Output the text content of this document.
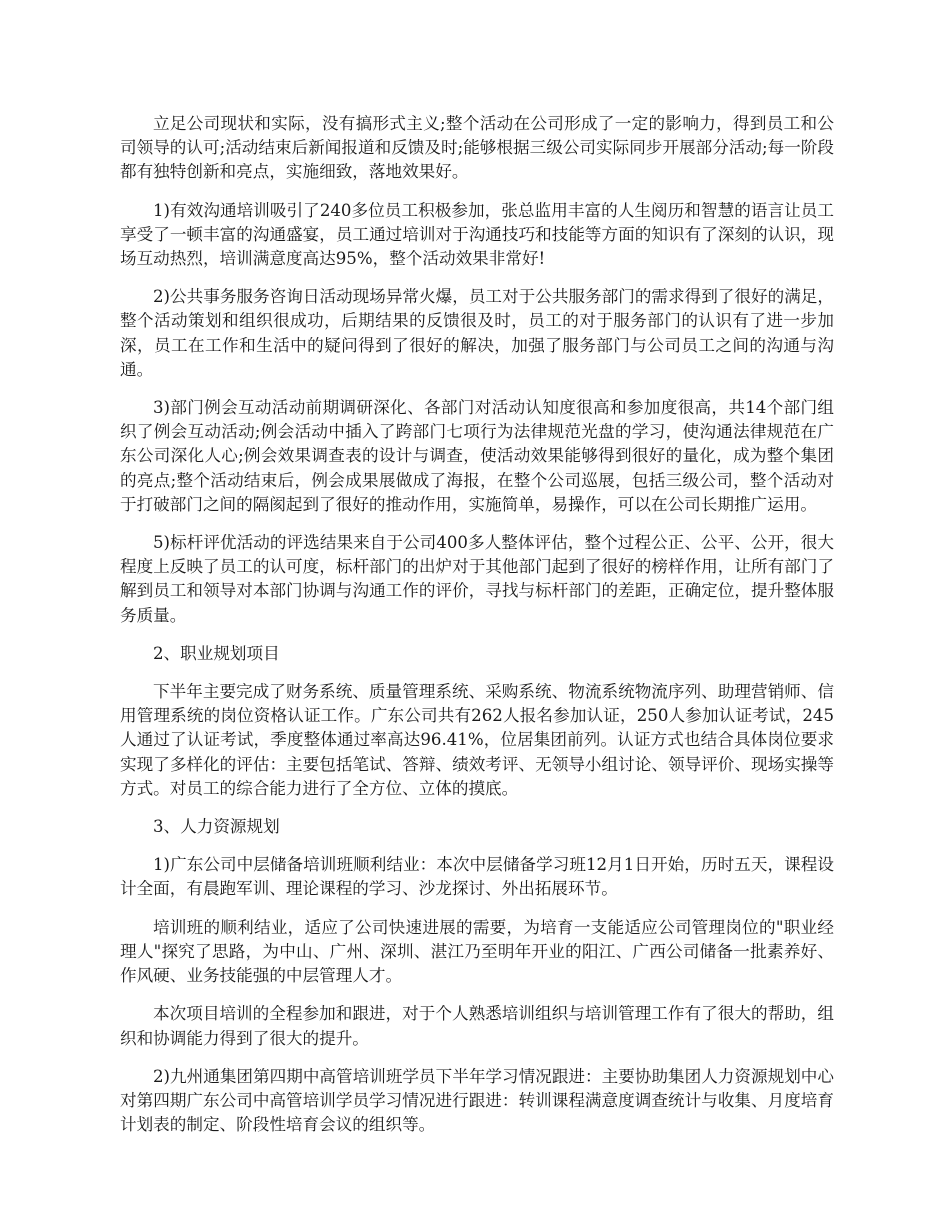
立足公司现状和实际，没有搞形式主义;整个活动在公司形成了一定的影响力，得到员工和公司领导的认可;活动结束后新闻报道和反馈及时;能够根据三级公司实际同步开展部分活动;每一阶段都有独特创新和亮点，实施细致，落地效果好。

1)有效沟通培训吸引了240多位员工积极参加，张总监用丰富的人生阅历和智慧的语言让员工享受了一顿丰富的沟通盛宴，员工通过培训对于沟通技巧和技能等方面的知识有了深刻的认识，现场互动热烈，培训满意度高达95%，整个活动效果非常好!

2)公共事务服务咨询日活动现场异常火爆，员工对于公共服务部门的需求得到了很好的满足，整个活动策划和组织很成功，后期结果的反馈很及时，员工的对于服务部门的认识有了进一步加深，员工在工作和生活中的疑问得到了很好的解决，加强了服务部门与公司员工之间的沟通与沟通。

3)部门例会互动活动前期调研深化、各部门对活动认知度很高和参加度很高，共14个部门组织了例会互动活动;例会活动中插入了跨部门七项行为法律规范光盘的学习，使沟通法律规范在广东公司深化人心;例会效果调查表的设计与调查，使活动效果能够得到很好的量化，成为整个集团的亮点;整个活动结束后，例会成果展做成了海报，在整个公司巡展，包括三级公司，整个活动对于打破部门之间的隔阂起到了很好的推动作用，实施简单，易操作，可以在公司长期推广运用。

5)标杆评优活动的评选结果来自于公司400多人整体评估，整个过程公正、公平、公开，很大程度上反映了员工的认可度，标杆部门的出炉对于其他部门起到了很好的榜样作用，让所有部门了解到员工和领导对本部门协调与沟通工作的评价，寻找与标杆部门的差距，正确定位，提升整体服务质量。

2、职业规划项目

下半年主要完成了财务系统、质量管理系统、采购系统、物流系统物流序列、助理营销师、信用管理系统的岗位资格认证工作。广东公司共有262人报名参加认证，250人参加认证考试，245人通过了认证考试，季度整体通过率高达96.41%，位居集团前列。认证方式也结合具体岗位要求实现了多样化的评估：主要包括笔试、答辩、绩效考评、无领导小组讨论、领导评价、现场实操等方式。对员工的综合能力进行了全方位、立体的摸底。

3、人力资源规划

1)广东公司中层储备培训班顺利结业：本次中层储备学习班12月1日开始，历时五天，课程设计全面，有晨跑军训、理论课程的学习、沙龙探讨、外出拓展环节。

培训班的顺利结业，适应了公司快速进展的需要，为培育一支能适应公司管理岗位的"职业经理人"探究了思路，为中山、广州、深圳、湛江乃至明年开业的阳江、广西公司储备一批素养好、作风硬、业务技能强的中层管理人才。

本次项目培训的全程参加和跟进，对于个人熟悉培训组织与培训管理工作有了很大的帮助，组织和协调能力得到了很大的提升。

2)九州通集团第四期中高管培训班学员下半年学习情况跟进：主要协助集团人力资源规划中心对第四期广东公司中高管培训学员学习情况进行跟进：转训课程满意度调查统计与收集、月度培育计划表的制定、阶段性培育会议的组织等。
